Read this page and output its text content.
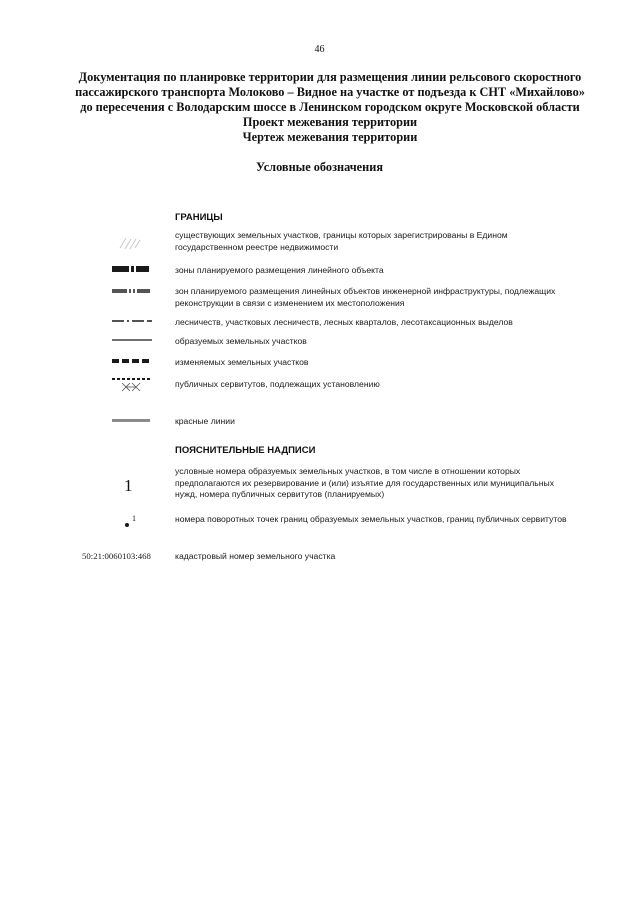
46
Документация по планировке территории для размещения линии рельсового скоростного
пассажирского транспорта Молоково – Видное на участке от подъезда к СНТ «Михайлово»
до пересечения с Володарским шоссе в Ленинском городском округе Московской области
Проект межевания территории
Чертеж межевания территории
Условные обозначения
ГРАНИЦЫ
существующих земельных участков, границы которых зарегистрированы в Едином государственном реестре недвижимости
зоны планируемого размещения линейного объекта
зон планируемого размещения линейных объектов инженерной инфраструктуры, подлежащих реконструкции в связи с изменением их местоположения
лесничеств, участковых лесничеств, лесных кварталов, лесотаксационных выделов
образуемых земельных участков
изменяемых земельных участков
публичных сервитутов, подлежащих установлению
красные линии
ПОЯСНИТЕЛЬНЫЕ НАДПИСИ
1
условные номера образуемых земельных участков, в том числе в отношении которых предполагаются их резервирование и (или) изъятие для государственных или муниципальных нужд, номера публичных сервитутов (планируемых)
1	номера поворотных точек границ образуемых земельных участков, границ публичных сервитутов
50:21:0060103:468	кадастровый номер земельного участка
